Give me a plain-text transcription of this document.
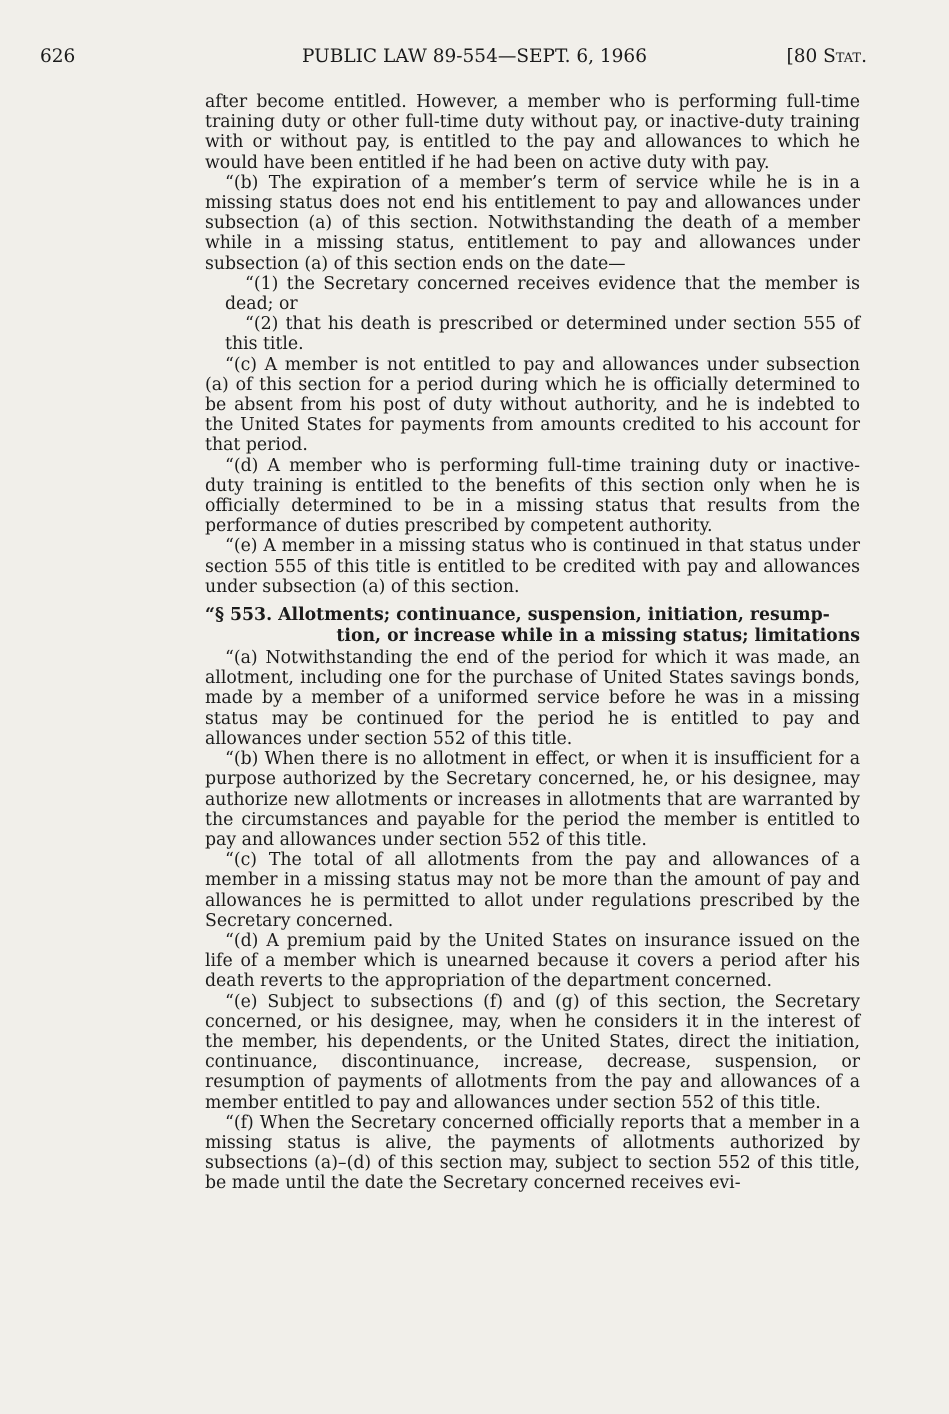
626	PUBLIC LAW 89-554—SEPT. 6, 1966	[80 Stat.

after become entitled. However, a member who is performing full-time training duty or other full-time duty without pay, or inactive-duty training with or without pay, is entitled to the pay and allowances to which he would have been entitled if he had been on active duty with pay.

“(b) The expiration of a member’s term of service while he is in a missing status does not end his entitlement to pay and allowances under subsection (a) of this section. Notwithstanding the death of a member while in a missing status, entitlement to pay and allowances under subsection (a) of this section ends on the date—

“(1) the Secretary concerned receives evidence that the member is dead; or

“(2) that his death is prescribed or determined under section 555 of this title.

“(c) A member is not entitled to pay and allowances under subsection (a) of this section for a period during which he is officially determined to be absent from his post of duty without authority, and he is indebted to the United States for payments from amounts credited to his account for that period.

“(d) A member who is performing full-time training duty or inactive-duty training is entitled to the benefits of this section only when he is officially determined to be in a missing status that results from the performance of duties prescribed by competent authority.

“(e) A member in a missing status who is continued in that status under section 555 of this title is entitled to be credited with pay and allowances under subsection (a) of this section.

“§ 553. Allotments; continuance, suspension, initiation, resump-
tion, or increase while in a missing status; limitations

“(a) Notwithstanding the end of the period for which it was made, an allotment, including one for the purchase of United States savings bonds, made by a member of a uniformed service before he was in a missing status may be continued for the period he is entitled to pay and allowances under section 552 of this title.

“(b) When there is no allotment in effect, or when it is insufficient for a purpose authorized by the Secretary concerned, he, or his designee, may authorize new allotments or increases in allotments that are warranted by the circumstances and payable for the period the member is entitled to pay and allowances under section 552 of this title.

“(c) The total of all allotments from the pay and allowances of a member in a missing status may not be more than the amount of pay and allowances he is permitted to allot under regulations prescribed by the Secretary concerned.

“(d) A premium paid by the United States on insurance issued on the life of a member which is unearned because it covers a period after his death reverts to the appropriation of the department concerned.

“(e) Subject to subsections (f) and (g) of this section, the Secretary concerned, or his designee, may, when he considers it in the interest of the member, his dependents, or the United States, direct the initiation, continuance, discontinuance, increase, decrease, suspension, or resumption of payments of allotments from the pay and allowances of a member entitled to pay and allowances under section 552 of this title.

“(f) When the Secretary concerned officially reports that a member in a missing status is alive, the payments of allotments authorized by subsections (a)–(d) of this section may, subject to section 552 of this title, be made until the date the Secretary concerned receives evi-
